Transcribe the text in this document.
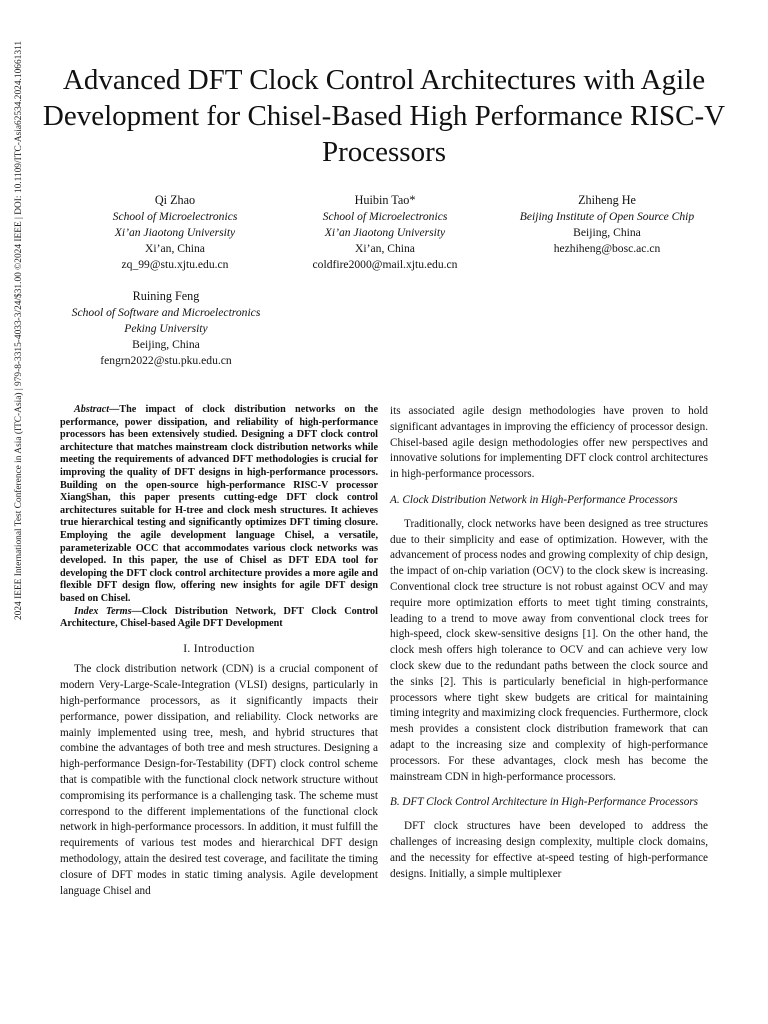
2024 IEEE International Test Conference in Asia (ITC-Asia) | 979-8-3315-4033-3/24/$31.00 ©2024 IEEE | DOI: 10.1109/ITC-Asia62534.2024.10661311	Advanced DFT Clock Control Architectures with Agile Development for Chisel-Based High Performance RISC-V Processors
Qi Zhao
School of Microelectronics
Xi’an Jiaotong University
Xi’an, China
zq_99@stu.xjtu.edu.cn
Huibin Tao*
School of Microelectronics
Xi’an Jiaotong University
Xi’an, China
coldfire2000@mail.xjtu.edu.cn
Zhiheng He
Beijing Institute of Open Source Chip
Beijing, China
hezhiheng@bosc.ac.cn
Ruining Feng
School of Software and Microelectronics
Peking University
Beijing, China
fengrn2022@stu.pku.edu.cn

Abstract—The impact of clock distribution networks on the performance, power dissipation, and reliability of high-performance processors has been extensively studied. Designing a DFT clock control architecture that matches mainstream clock distribution networks while meeting the requirements of advanced DFT methodologies is crucial for improving the quality of DFT designs in high-performance processors. Building on the open-source high-performance RISC-V processor XiangShan, this paper presents cutting-edge DFT clock control architectures suitable for H-tree and clock mesh structures. It achieves true hierarchical testing and significantly optimizes DFT timing closure. Employing the agile development language Chisel, a versatile, parameterizable OCC that accommodates various clock networks was developed. In this paper, the use of Chisel as DFT EDA tool for developing the DFT clock control architecture provides a more agile and flexible DFT design flow, offering new insights for agile DFT design based on Chisel.

Index Terms—Clock Distribution Network, DFT Clock Control Architecture, Chisel-based Agile DFT Development

I. Introduction

The clock distribution network (CDN) is a crucial component of modern Very-Large-Scale-Integration (VLSI) designs, particularly in high-performance processors, as it significantly impacts their performance, power dissipation, and reliability. Clock networks are mainly implemented using tree, mesh, and hybrid structures that combine the advantages of both tree and mesh structures. Designing a high-performance Design-for-Testability (DFT) clock control scheme that is compatible with the functional clock network structure without compromising its performance is a challenging task. The scheme must correspond to the different implementations of the functional clock network in high-performance processors. In addition, it must fulfill the requirements of various test modes and hierarchical DFT design methodology, attain the desired test coverage, and facilitate the timing closure of DFT modes in static timing analysis. Agile development language Chisel and

its associated agile design methodologies have proven to hold significant advantages in improving the efficiency of processor design. Chisel-based agile design methodologies offer new perspectives and innovative solutions for implementing DFT clock control architectures in high-performance processors.

A. Clock Distribution Network in High-Performance Processors

Traditionally, clock networks have been designed as tree structures due to their simplicity and ease of optimization. However, with the advancement of process nodes and growing complexity of chip design, the impact of on-chip variation (OCV) to the clock skew is increasing. Conventional clock tree structure is not robust against OCV and may require more optimization efforts to meet tight timing constraints, leading to a trend to move away from conventional clock trees for high-speed, clock skew-sensitive designs [1]. On the other hand, the clock mesh offers high tolerance to OCV and can achieve very low clock skew due to the redundant paths between the clock source and the sinks [2]. This is particularly beneficial in high-performance processors where tight skew budgets are critical for maintaining timing integrity and maximizing clock frequencies. Furthermore, clock mesh provides a consistent clock distribution framework that can adapt to the increasing size and complexity of high-performance processors. For these advantages, clock mesh has become the mainstream CDN in high-performance processors.

B. DFT Clock Control Architecture in High-Performance Processors

DFT clock structures have been developed to address the challenges of increasing design complexity, multiple clock domains, and the necessity for effective at-speed testing of high-performance designs. Initially, a simple multiplexer
